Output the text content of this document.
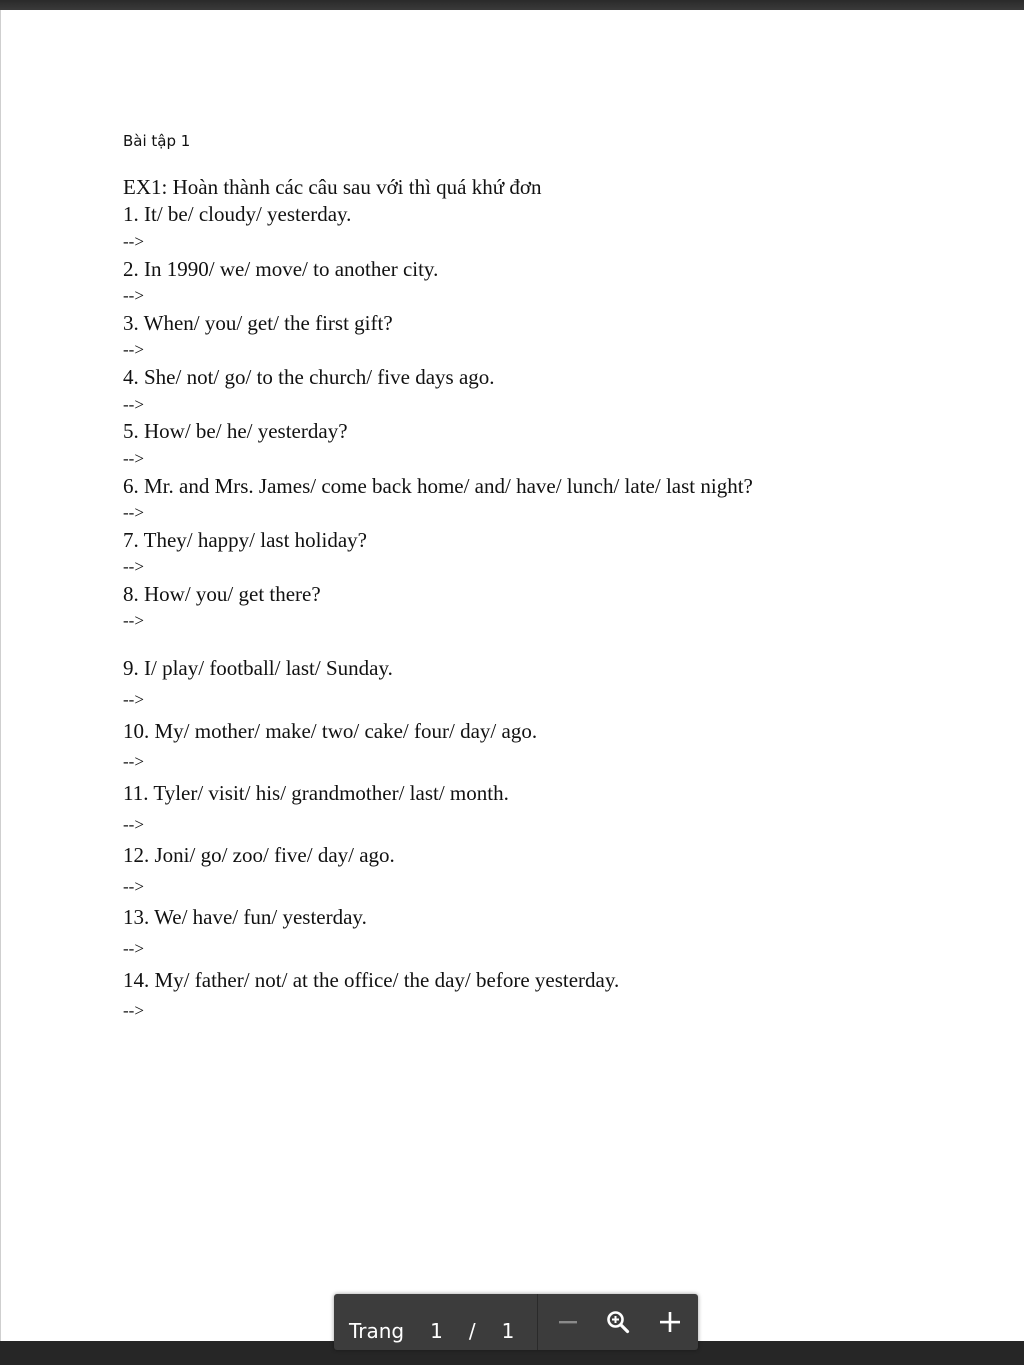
Bài tập 1
EX1: Hoàn thành các câu sau với thì quá khứ đơn
1. It/ be/ cloudy/ yesterday.
-->
2. In 1990/ we/ move/ to another city.
-->
3. When/ you/ get/ the first gift?
-->
4. She/ not/ go/ to the church/ five days ago.
-->
5. How/ be/ he/ yesterday?
-->
6. Mr. and Mrs. James/ come back home/ and/ have/ lunch/ late/ last night?
-->
7. They/ happy/ last holiday?
-->
8. How/ you/ get there?
-->
9. I/ play/ football/ last/ Sunday.
-->
10. My/ mother/ make/ two/ cake/ four/ day/ ago.
-->
11. Tyler/ visit/ his/ grandmother/ last/ month.
-->
12. Joni/ go/ zoo/ five/ day/ ago.
-->
13. We/ have/ fun/ yesterday.
-->
14. My/ father/ not/ at the office/ the day/ before yesterday.
-->
Trang 1 / 1
